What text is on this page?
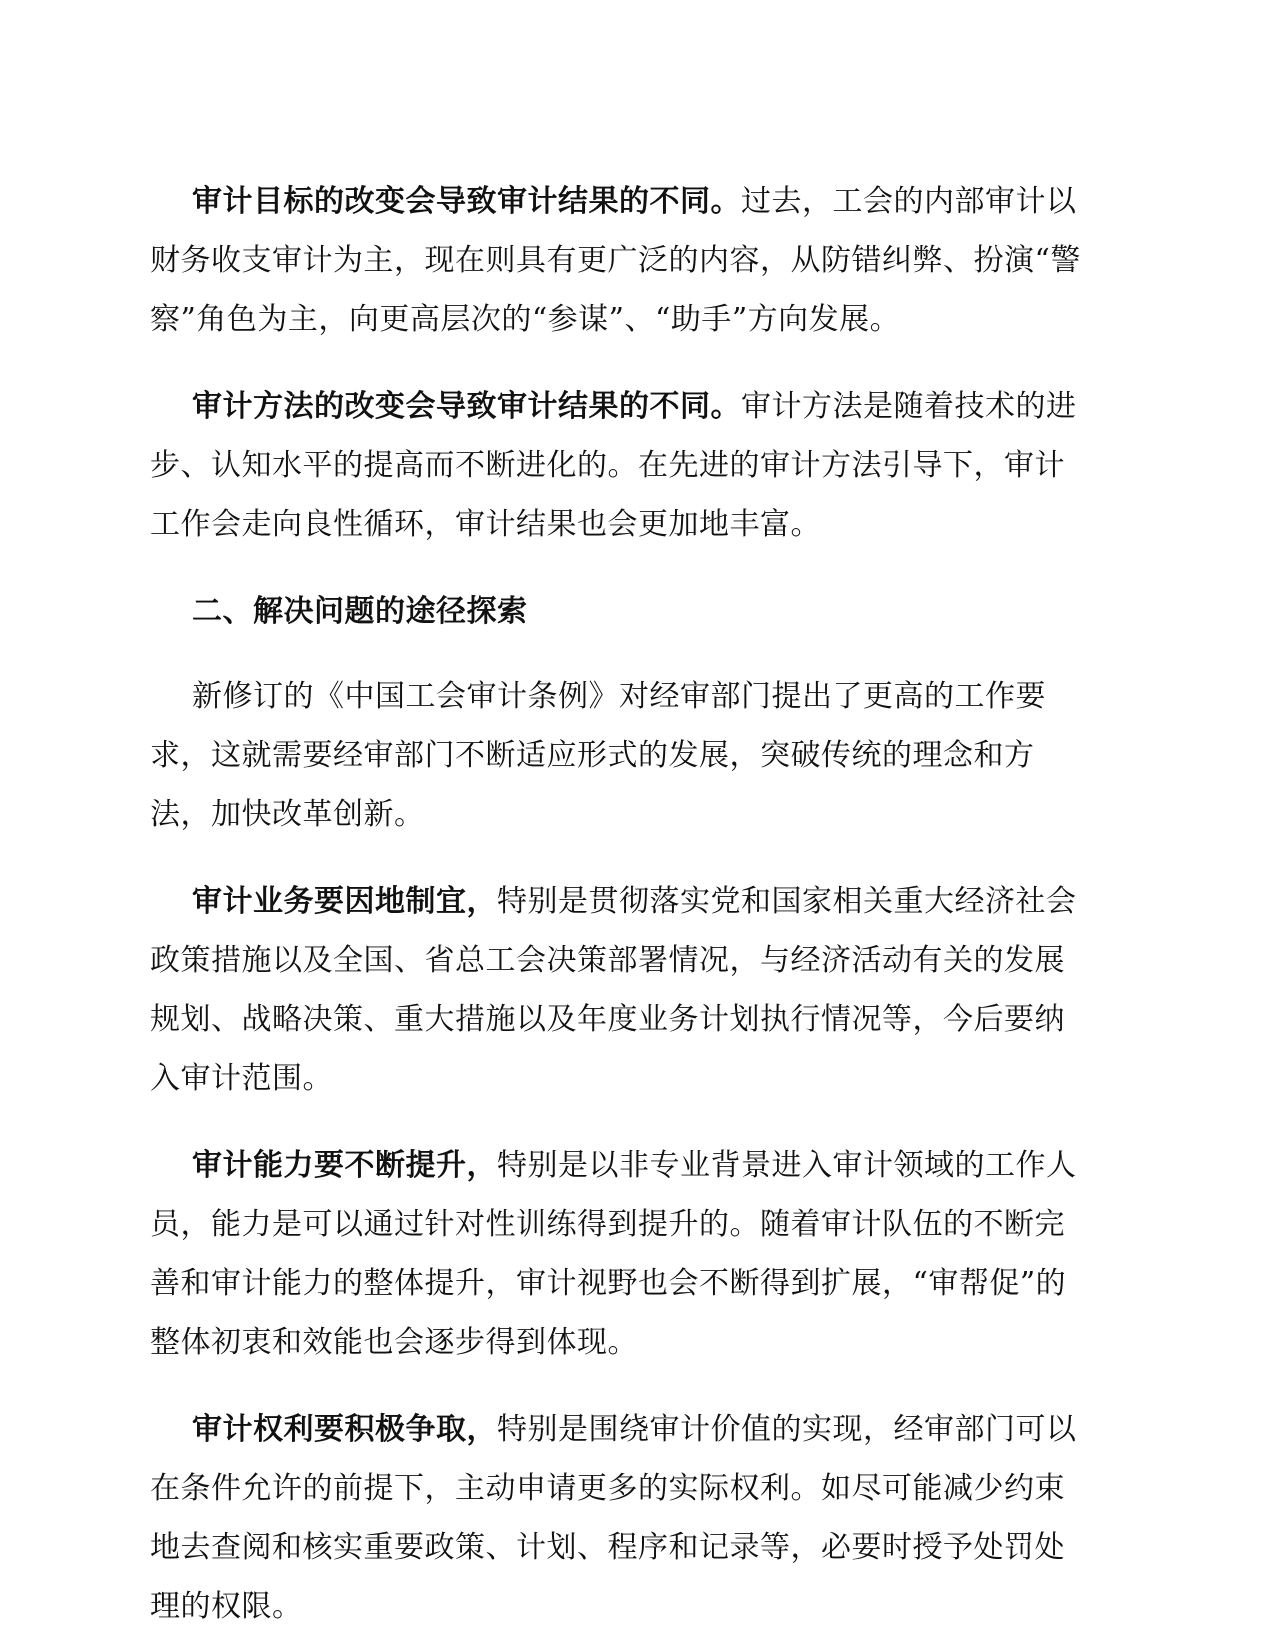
审计目标的改变会导致审计结果的不同。过去，工会的内部审计以财务收支审计为主，现在则具有更广泛的内容，从防错纠弊、扮演“警察”角色为主，向更高层次的“参谋”、“助手”方向发展。

审计方法的改变会导致审计结果的不同。审计方法是随着技术的进步、认知水平的提高而不断进化的。在先进的审计方法引导下，审计工作会走向良性循环，审计结果也会更加地丰富。

二、解决问题的途径探索

新修订的《中国工会审计条例》对经审部门提出了更高的工作要求，这就需要经审部门不断适应形式的发展，突破传统的理念和方法，加快改革创新。

审计业务要因地制宜，特别是贯彻落实党和国家相关重大经济社会政策措施以及全国、省总工会决策部署情况，与经济活动有关的发展规划、战略决策、重大措施以及年度业务计划执行情况等，今后要纳入审计范围。

审计能力要不断提升，特别是以非专业背景进入审计领域的工作人员，能力是可以通过针对性训练得到提升的。随着审计队伍的不断完善和审计能力的整体提升，审计视野也会不断得到扩展，“审帮促”的整体初衷和效能也会逐步得到体现。

审计权利要积极争取，特别是围绕审计价值的实现，经审部门可以在条件允许的前提下，主动申请更多的实际权利。如尽可能减少约束地去查阅和核实重要政策、计划、程序和记录等，必要时授予处罚处理的权限。
